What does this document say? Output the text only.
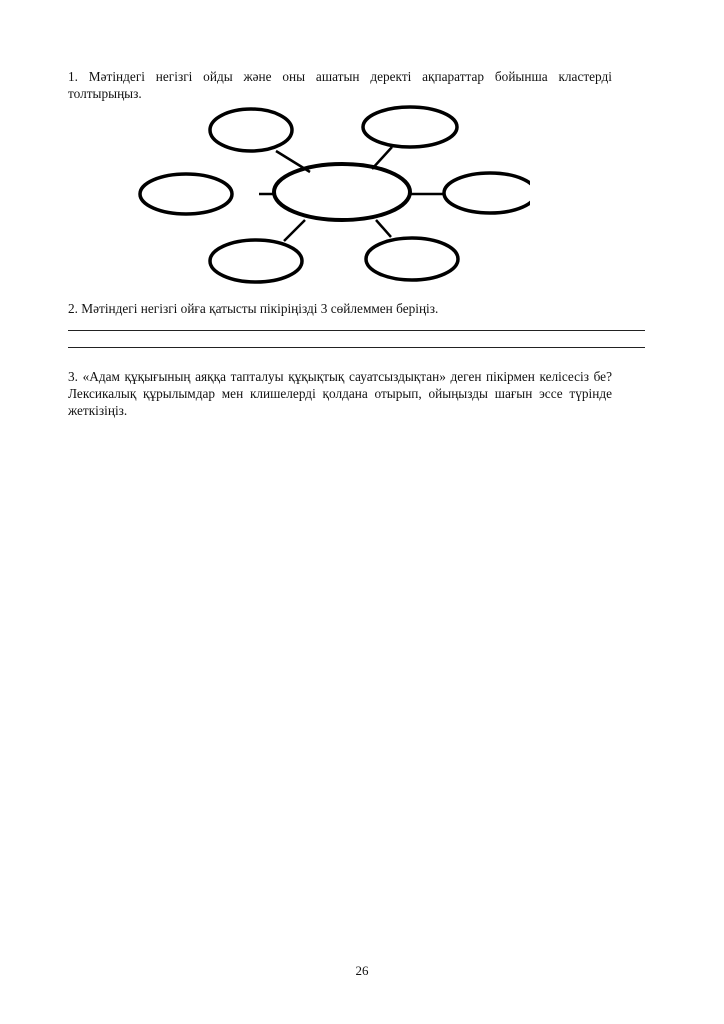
1. Мәтіндегі негізгі ойды және оны ашатын деректі ақпараттар бойынша кластерді толтырыңыз.

2. Мәтіндегі негізгі ойға қатысты пікіріңізді 3 сөйлеммен беріңіз.

3. «Адам құқығының аяққа тапталуы құқықтық сауатсыздықтан» деген пікірмен келісесіз бе? Лексикалық құрылымдар мен клишелерді қолдана отырып, ойыңызды шағын эссе түрінде жеткізіңіз.

26
